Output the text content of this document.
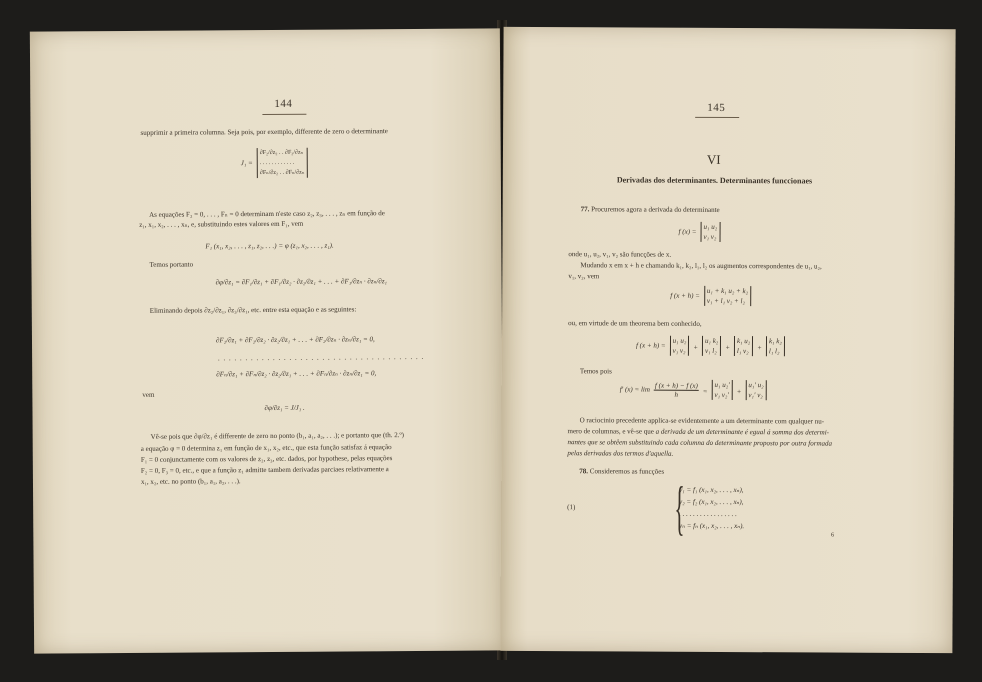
144
supprimir a primeira columna. Seja pois, por exemplo, differente de zero o determinante
J₁ = ∂F₂/∂z₂ . . ∂F₂/∂zₙ
. . . . . . . . . . . .
∂Fₙ/∂z₂ . . ∂Fₙ/∂zₙ
As equações F₂ = 0, . . . , Fₙ = 0 determinam n'este caso z₂, z₃, . . . , zₙ em função de
z₁, x₁, x₂, . . . , xₙ, e, substituindo estes valores em F₁, vem
F₁ (x₁, x₂, . . . , z₁, z₂, . . .) = φ (z₁, x₂, . . . , z₁).
Temos portanto
∂φ/∂z₁ = ∂F₁/∂z₁ + ∂F₁/∂z₂ · ∂z₂/∂z₁ + . . . + ∂F₁/∂zₙ · ∂zₙ/∂z₁
Eliminando depois ∂z₂/∂z₁, ∂z₃/∂z₁, etc. entre esta equação e as seguintes:
∂F₂/∂z₁ + ∂F₂/∂z₂ · ∂z₂/∂z₁ + . . . + ∂F₂/∂zₙ · ∂zₙ/∂z₁ = 0,
. . . . . . . . . . . . . . . . . . . . . . . . . . . . . . . . . . . . . .
∂Fₙ/∂z₁ + ∂Fₙ/∂z₂ · ∂z₂/∂z₁ + . . . + ∂Fₙ/∂zₙ · ∂zₙ/∂z₁ = 0,
vem
∂φ/∂z₁ = J/J₁ .
Vê-se pois que ∂φ/∂z₁ é differente de zero no ponto (b₁, a₁, a₂, . . .); e portanto que (th. 2.º)
a equação φ = 0 determina z₁ em função de x₁, x₂, etc., que esta função satisfaz á equação
F₁ = 0 conjunctamente com os valores de z₂, z₃, etc. dados, por hypothese, pelas equações
F₂ = 0, F₃ = 0, etc., e que a função z₁ admitte tambem derivadas parciaes relativamente a
x₁, x₂, etc. no ponto (b₁, a₁, a₂, . . .).
145
VI
Derivadas dos determinantes. Determinantes funccionaes
77. Procuremos agora a derivada do determinante
f (x) = u₁ u₂
v₁ v₂
onde u₁, u₂, v₁, v₂ são funcções de x.
Mudando x em x + h e chamando k₁, k₂, l₁, l₂ os augmentos correspondentes de u₁, u₂,
v₁, v₂, vem
f (x + h) = u₁ + k₁ u₂ + k₂
v₁ + l₁ v₂ + l₂
ou, em virtude de um theorema bem conhecido,
f (x + h) = u₁ u₂
v₁ v₂ + u₁ k₂
v₁ l₂ + k₁ u₂
l₁ v₂ + k₁ k₂
l₁ l₂
Temos pois
f′ $(x) = \lim \frac{f (x + h) - f (x)}{h} = u_1$ u₂′
v₁ v₂′ + u₁′ u₂
v₁′ v₂
O raciocinio precedente applica-se evidentemente a um determinante com qualquer nu-
mero de columnas, e vê-se que a derivada de um determinante é egual á somma dos determi-
nantes que se obtêem substituindo cada columna do determinante proposto por outra formada
pelas derivadas dos termos d'aquella.
78. Consideremos as funcções
(1) {
y₁ = f₁ (x₁, x₂, . . . , xₙ),
y₂ = f₂ (x₁, x₂, . . . , xₙ),
. . . . . . . . . . . . . . . . .
yₙ = fₙ (x₁, x₂, . . . , xₙ).
6
